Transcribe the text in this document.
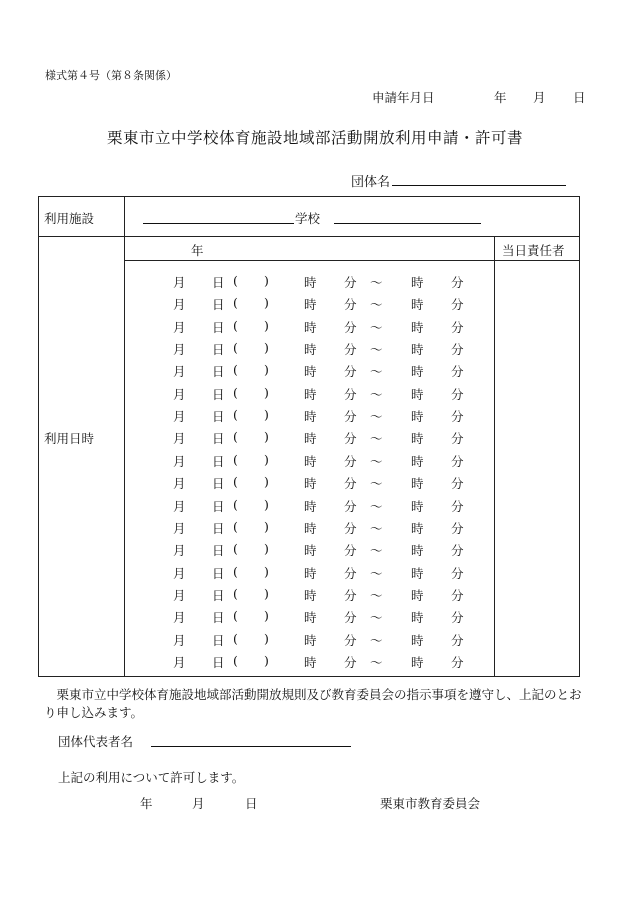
様式第４号（第８条関係）
申請年月日	年 月 日
栗東市立中学校体育施設地域部活動開放利用申請・許可書
団体名
利用施設	学校
年	当日責任者
利用日時
月 日 ( )	時 分 〜 時 分
月 日 ( )	時 分 〜 時 分
月 日 ( )	時 分 〜 時 分
月 日 ( )	時 分 〜 時 分
月 日 ( )	時 分 〜 時 分
月 日 ( )	時 分 〜 時 分
月 日 ( )	時 分 〜 時 分
月 日 ( )	時 分 〜 時 分
月 日 ( )	時 分 〜 時 分
月 日 ( )	時 分 〜 時 分
月 日 ( )	時 分 〜 時 分
月 日 ( )	時 分 〜 時 分
月 日 ( )	時 分 〜 時 分
月 日 ( )	時 分 〜 時 分
月 日 ( )	時 分 〜 時 分
月 日 ( )	時 分 〜 時 分
月 日 ( )	時 分 〜 時 分
月 日 ( )	時 分 〜 時 分
栗東市立中学校体育施設地域部活動開放規則及び教育委員会の指示事項を遵守し、上記のとおり申し込みます。
団体代表者名
上記の利用について許可します。
年	月	日	栗東市教育委員会
